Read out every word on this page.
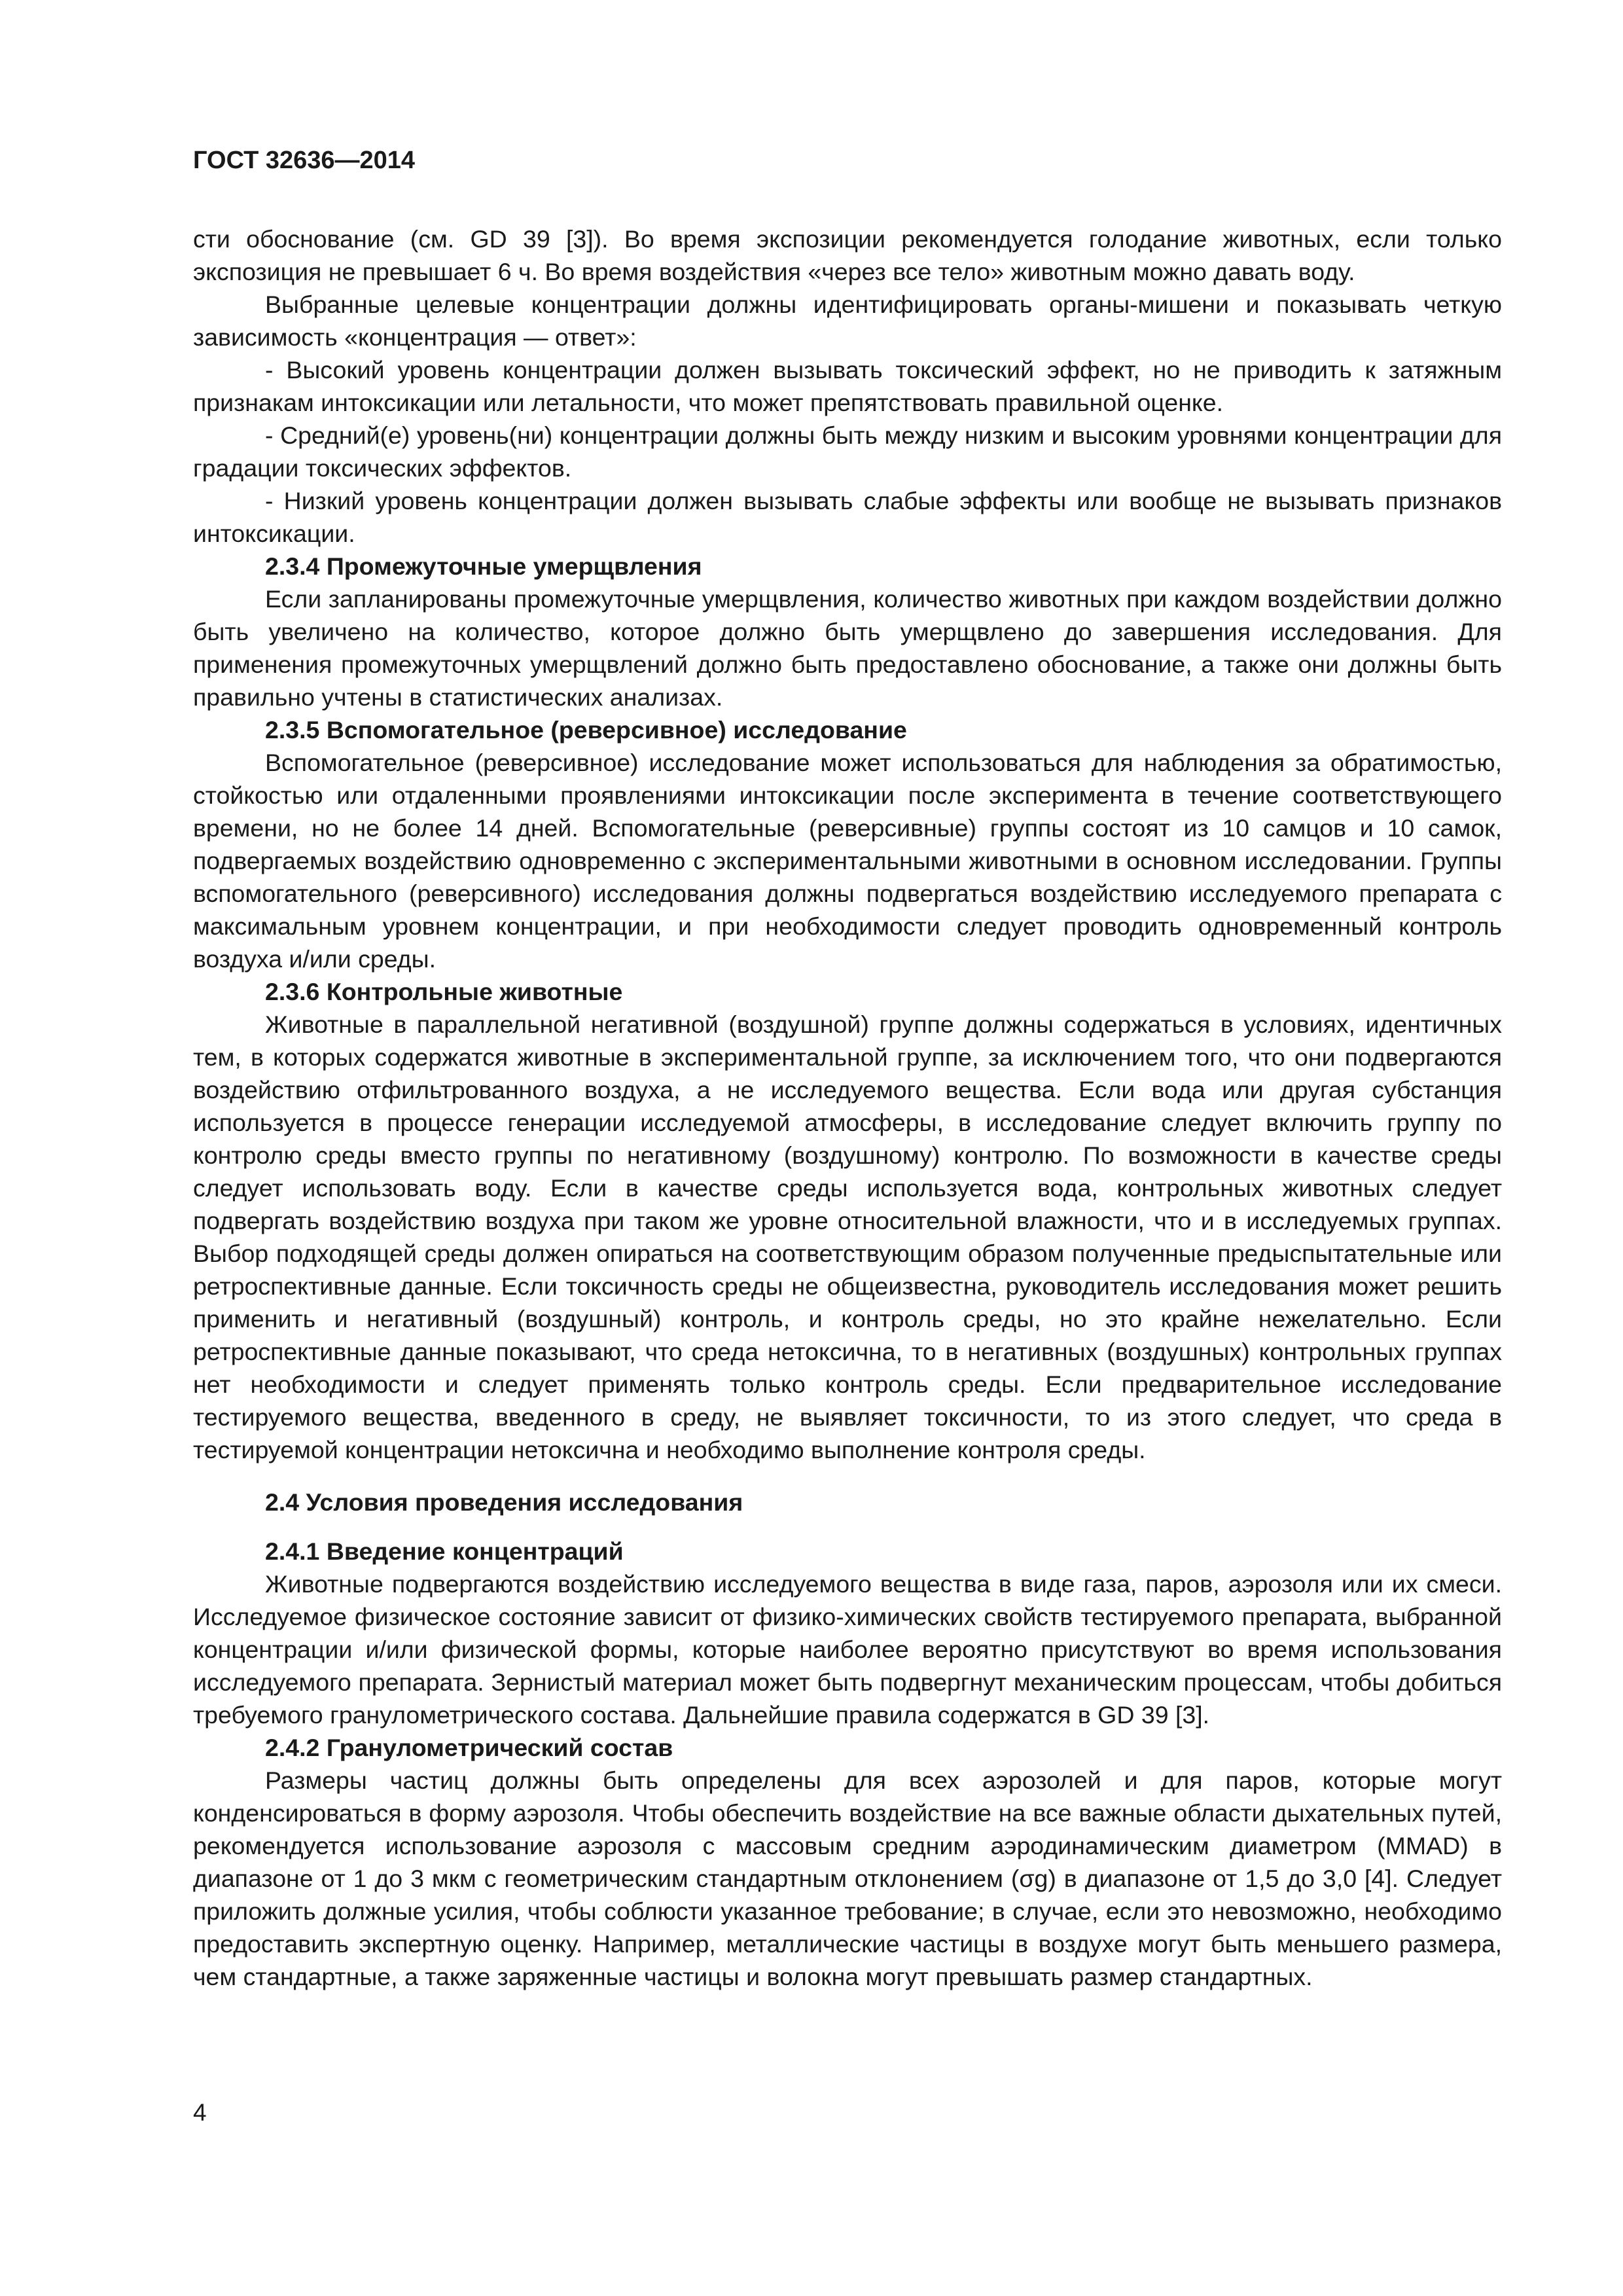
ГОСТ 32636—2014
сти обоснование (см. GD 39 [3]). Во время экспозиции рекомендуется голодание животных, если только экспозиция не превышает 6 ч. Во время воздействия «через все тело» животным можно давать воду.

Выбранные целевые концентрации должны идентифицировать органы-мишени и показывать четкую зависимость «концентрация — ответ»:

- Высокий уровень концентрации должен вызывать токсический эффект, но не приводить к затяжным признакам интоксикации или летальности, что может препятствовать правильной оценке.

- Средний(е) уровень(ни) концентрации должны быть между низким и высоким уровнями концентрации для градации токсических эффектов.

- Низкий уровень концентрации должен вызывать слабые эффекты или вообще не вызывать признаков интоксикации.

2.3.4 Промежуточные умерщвления

Если запланированы промежуточные умерщвления, количество животных при каждом воздействии должно быть увеличено на количество, которое должно быть умерщвлено до завершения исследования. Для применения промежуточных умерщвлений должно быть предоставлено обоснование, а также они должны быть правильно учтены в статистических анализах.

2.3.5 Вспомогательное (реверсивное) исследование

Вспомогательное (реверсивное) исследование может использоваться для наблюдения за обратимостью, стойкостью или отдаленными проявлениями интоксикации после эксперимента в течение соответствующего времени, но не более 14 дней. Вспомогательные (реверсивные) группы состоят из 10 самцов и 10 самок, подвергаемых воздействию одновременно с экспериментальными животными в основном исследовании. Группы вспомогательного (реверсивного) исследования должны подвергаться воздействию исследуемого препарата с максимальным уровнем концентрации, и при необходимости следует проводить одновременный контроль воздуха и/или среды.

2.3.6 Контрольные животные

Животные в параллельной негативной (воздушной) группе должны содержаться в условиях, идентичных тем, в которых содержатся животные в экспериментальной группе, за исключением того, что они подвергаются воздействию отфильтрованного воздуха, а не исследуемого вещества. Если вода или другая субстанция используется в процессе генерации исследуемой атмосферы, в исследование следует включить группу по контролю среды вместо группы по негативному (воздушному) контролю. По возможности в качестве среды следует использовать воду. Если в качестве среды используется вода, контрольных животных следует подвергать воздействию воздуха при таком же уровне относительной влажности, что и в исследуемых группах. Выбор подходящей среды должен опираться на соответствующим образом полученные предыспытательные или ретроспективные данные. Если токсичность среды не общеизвестна, руководитель исследования может решить применить и негативный (воздушный) контроль, и контроль среды, но это крайне нежелательно. Если ретроспективные данные показывают, что среда нетоксична, то в негативных (воздушных) контрольных группах нет необходимости и следует применять только контроль среды. Если предварительное исследование тестируемого вещества, введенного в среду, не выявляет токсичности, то из этого следует, что среда в тестируемой концентрации нетоксична и необходимо выполнение контроля среды.

2.4 Условия проведения исследования
2.4.1 Введение концентраций

Животные подвергаются воздействию исследуемого вещества в виде газа, паров, аэрозоля или их смеси. Исследуемое физическое состояние зависит от физико-химических свойств тестируемого препарата, выбранной концентрации и/или физической формы, которые наиболее вероятно присутствуют во время использования исследуемого препарата. Зернистый материал может быть подвергнут механическим процессам, чтобы добиться требуемого гранулометрического состава. Дальнейшие правила содержатся в GD 39 [3].

2.4.2 Гранулометрический состав

Размеры частиц должны быть определены для всех аэрозолей и для паров, которые могут конденсироваться в форму аэрозоля. Чтобы обеспечить воздействие на все важные области дыхательных путей, рекомендуется использование аэрозоля с массовым средним аэродинамическим диаметром (MMAD) в диапазоне от 1 до 3 мкм с геометрическим стандартным отклонением (σg) в диапазоне от 1,5 до 3,0 [4]. Следует приложить должные усилия, чтобы соблюсти указанное требование; в случае, если это невозможно, необходимо предоставить экспертную оценку. Например, металлические частицы в воздухе могут быть меньшего размера, чем стандартные, а также заряженные частицы и волокна могут превышать размер стандартных.

4
